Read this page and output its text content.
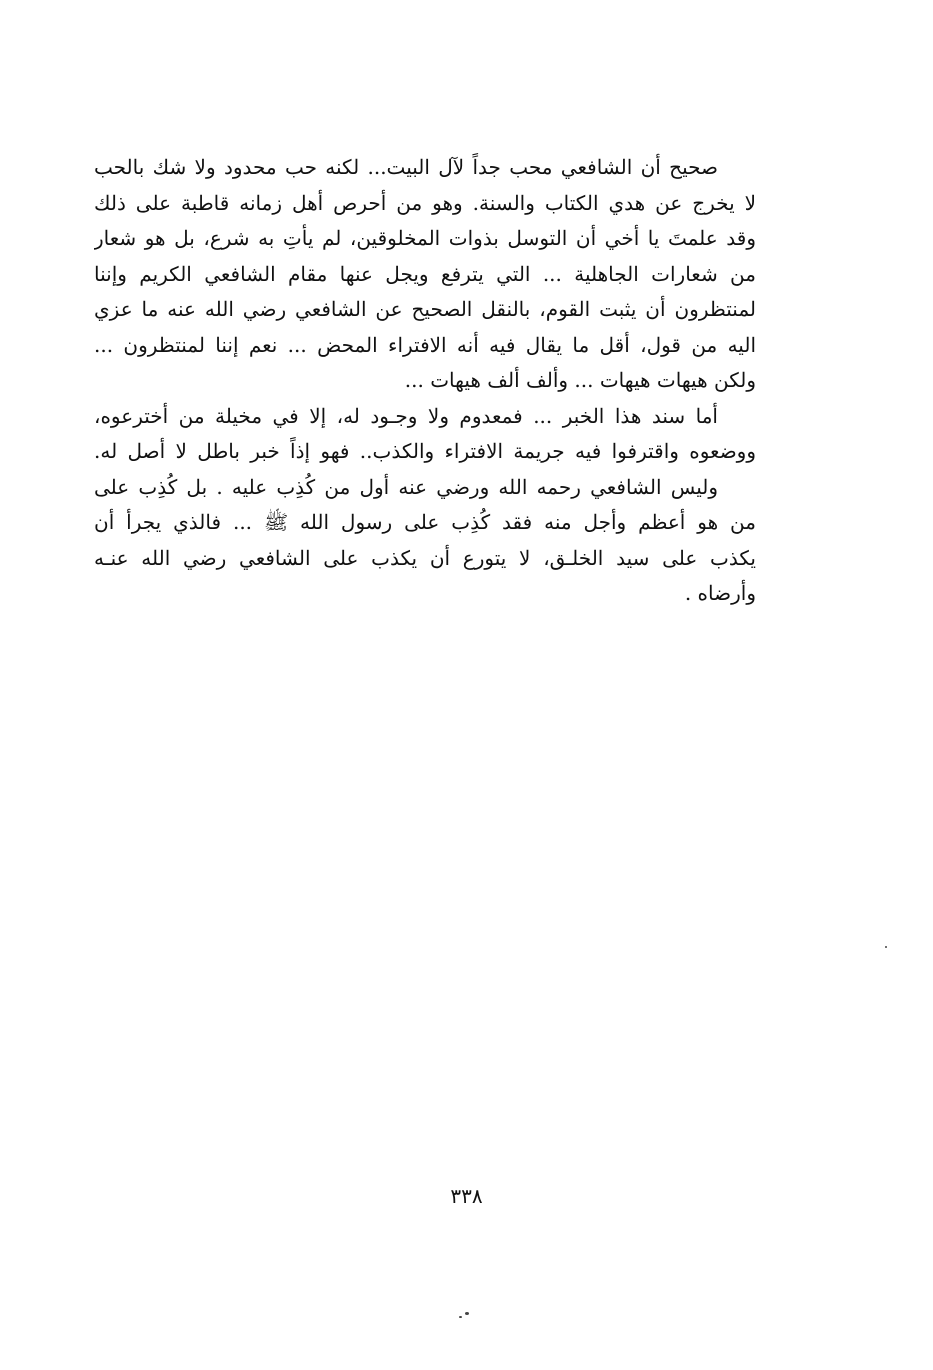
صحيح أن الشافعي محب جداً لآل البيت... لكنه حب محدود ولا شك بالحب
لا يخرج عن هدي الكتاب والسنة. وهو من أحرص أهل زمانه قاطبة على ذلك
وقد علمتَ يا أخي أن التوسل بذوات المخلوقين، لم يأتِ به شرع، بل هو شعار
من شعارات الجاهلية ... التي يترفع ويجل عنها مقام الشافعي الكريم وإننا
لمنتظرون أن يثبت القوم، بالنقل الصحيح عن الشافعي رضي الله عنه ما عزي
اليه من قول، أقل ما يقال فيه أنه الافتراء المحض ... نعم إننا لمنتظرون ...
ولكن هيهات هيهات ... وألف ألف هيهات ...
أما سند هذا الخبر ... فمعدوم ولا وجـود له، إلا في مخيلة من أخترعوه،
ووضعوه واقترفوا فيه جريمة الافتراء والكذب.. فهو إذاً خبر باطل لا أصل له.
وليس الشافعي رحمه الله ورضي عنه أول من كُذِب عليه . بل كُذِب على
من هو أعظم وأجل منه فقد كُذِب على رسول الله ﷺ ... فالذي يجرأ أن
يكذب على سيد الخلـق، لا يتورع أن يكذب على الشافعي رضي الله عنـه
وأرضاه .
٣٣٨
